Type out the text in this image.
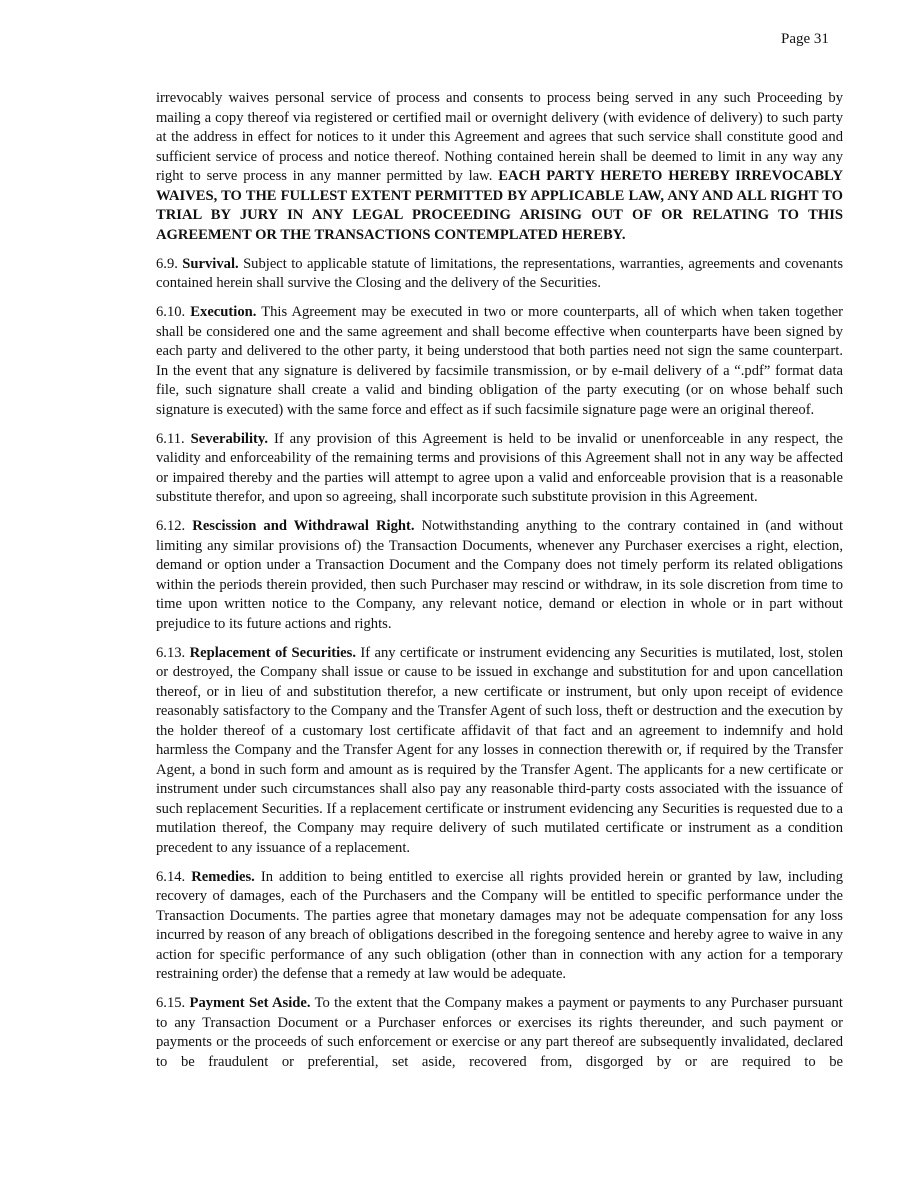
Page 31

irrevocably waives personal service of process and consents to process being served in any such Proceeding by mailing a copy thereof via registered or certified mail or overnight delivery (with evidence of delivery) to such party at the address in effect for notices to it under this Agreement and agrees that such service shall constitute good and sufficient service of process and notice thereof. Nothing contained herein shall be deemed to limit in any way any right to serve process in any manner permitted by law. EACH PARTY HERETO HEREBY IRREVOCABLY WAIVES, TO THE FULLEST EXTENT PERMITTED BY APPLICABLE LAW, ANY AND ALL RIGHT TO TRIAL BY JURY IN ANY LEGAL PROCEEDING ARISING OUT OF OR RELATING TO THIS AGREEMENT OR THE TRANSACTIONS CONTEMPLATED HEREBY.

6.9. Survival. Subject to applicable statute of limitations, the representations, warranties, agreements and covenants contained herein shall survive the Closing and the delivery of the Securities.

6.10. Execution. This Agreement may be executed in two or more counterparts, all of which when taken together shall be considered one and the same agreement and shall become effective when counterparts have been signed by each party and delivered to the other party, it being understood that both parties need not sign the same counterpart. In the event that any signature is delivered by facsimile transmission, or by e-mail delivery of a “.pdf” format data file, such signature shall create a valid and binding obligation of the party executing (or on whose behalf such signature is executed) with the same force and effect as if such facsimile signature page were an original thereof.

6.11. Severability. If any provision of this Agreement is held to be invalid or unenforceable in any respect, the validity and enforceability of the remaining terms and provisions of this Agreement shall not in any way be affected or impaired thereby and the parties will attempt to agree upon a valid and enforceable provision that is a reasonable substitute therefor, and upon so agreeing, shall incorporate such substitute provision in this Agreement.

6.12. Rescission and Withdrawal Right. Notwithstanding anything to the contrary contained in (and without limiting any similar provisions of) the Transaction Documents, whenever any Purchaser exercises a right, election, demand or option under a Transaction Document and the Company does not timely perform its related obligations within the periods therein provided, then such Purchaser may rescind or withdraw, in its sole discretion from time to time upon written notice to the Company, any relevant notice, demand or election in whole or in part without prejudice to its future actions and rights.

6.13. Replacement of Securities. If any certificate or instrument evidencing any Securities is mutilated, lost, stolen or destroyed, the Company shall issue or cause to be issued in exchange and substitution for and upon cancellation thereof, or in lieu of and substitution therefor, a new certificate or instrument, but only upon receipt of evidence reasonably satisfactory to the Company and the Transfer Agent of such loss, theft or destruction and the execution by the holder thereof of a customary lost certificate affidavit of that fact and an agreement to indemnify and hold harmless the Company and the Transfer Agent for any losses in connection therewith or, if required by the Transfer Agent, a bond in such form and amount as is required by the Transfer Agent. The applicants for a new certificate or instrument under such circumstances shall also pay any reasonable third-party costs associated with the issuance of such replacement Securities. If a replacement certificate or instrument evidencing any Securities is requested due to a mutilation thereof, the Company may require delivery of such mutilated certificate or instrument as a condition precedent to any issuance of a replacement.

6.14. Remedies. In addition to being entitled to exercise all rights provided herein or granted by law, including recovery of damages, each of the Purchasers and the Company will be entitled to specific performance under the Transaction Documents. The parties agree that monetary damages may not be adequate compensation for any loss incurred by reason of any breach of obligations described in the foregoing sentence and hereby agree to waive in any action for specific performance of any such obligation (other than in connection with any action for a temporary restraining order) the defense that a remedy at law would be adequate.

6.15. Payment Set Aside. To the extent that the Company makes a payment or payments to any Purchaser pursuant to any Transaction Document or a Purchaser enforces or exercises its rights thereunder, and such payment or payments or the proceeds of such enforcement or exercise or any part thereof are subsequently invalidated, declared to be fraudulent or preferential, set aside, recovered from, disgorged by or are required to be
